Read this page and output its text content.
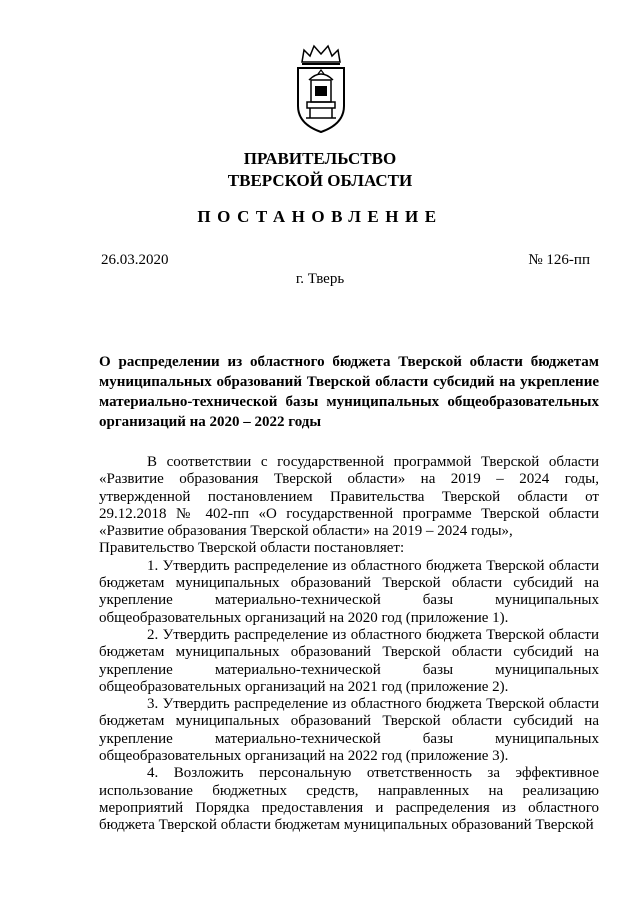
ПРАВИТЕЛЬСТВО
ТВЕРСКОЙ ОБЛАСТИ
ПОСТАНОВЛЕНИЕ
26.03.2020	№ 126-пп
г. Тверь
О распределении из областного бюджета Тверской области бюджетам муниципальных образований Тверской области субсидий на укрепление материально-технической базы муниципальных общеобразовательных организаций на 2020 – 2022 годы

В соответствии с государственной программой Тверской области «Развитие образования Тверской области» на 2019 – 2024 годы, утвержденной постановлением Правительства Тверской области от 29.12.2018 № 402-пп «О государственной программе Тверской области «Развитие образования Тверской области» на 2019 – 2024 годы»,

Правительство Тверской области постановляет:

1. Утвердить распределение из областного бюджета Тверской области бюджетам муниципальных образований Тверской области субсидий на укрепление материально-технической базы муниципальных общеобразовательных организаций на 2020 год (приложение 1).

2. Утвердить распределение из областного бюджета Тверской области бюджетам муниципальных образований Тверской области субсидий на укрепление материально-технической базы муниципальных общеобразовательных организаций на 2021 год (приложение 2).

3. Утвердить распределение из областного бюджета Тверской области бюджетам муниципальных образований Тверской области субсидий на укрепление материально-технической базы муниципальных общеобразовательных организаций на 2022 год (приложение 3).

4. Возложить персональную ответственность за эффективное использование бюджетных средств, направленных на реализацию мероприятий Порядка предоставления и распределения из областного бюджета Тверской области бюджетам муниципальных образований Тверской
